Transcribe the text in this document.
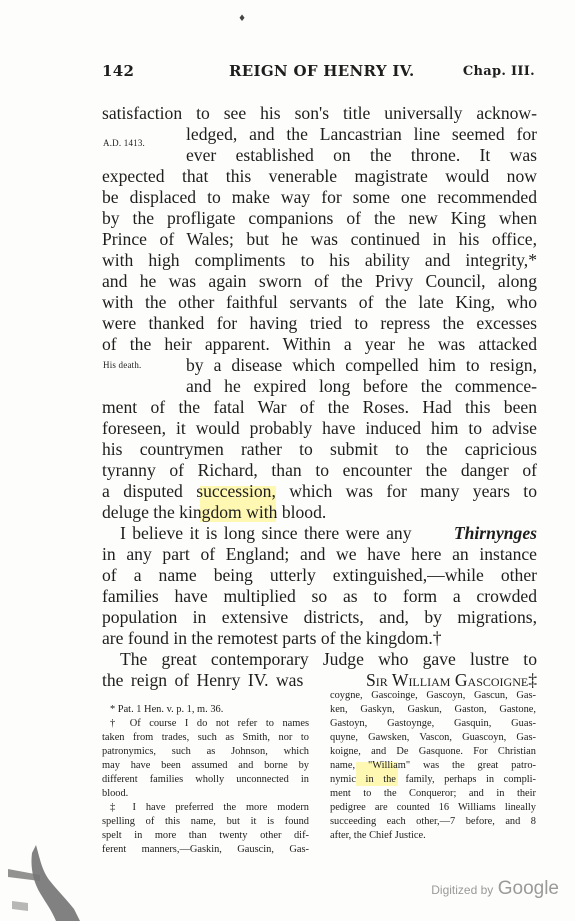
♦
142	REIGN OF HENRY IV.	Chap. III.
A.D. 1413.
His death.
satisfaction to see his son's title universally acknow-
ledged, and the Lancastrian line seemed for
ever established on the throne. It was
expected that this venerable magistrate would now
be displaced to make way for some one recommended
by the profligate companions of the new King when
Prince of Wales; but he was continued in his office,
with high compliments to his ability and integrity,*
and he was again sworn of the Privy Council, along
with the other faithful servants of the late King, who
were thanked for having tried to repress the excesses
of the heir apparent. Within a year he was attacked
by a disease which compelled him to resign,
and he expired long before the commence-
ment of the fatal War of the Roses. Had this been
foreseen, it would probably have induced him to advise
his countrymen rather to submit to the capricious
tyranny of Richard, than to encounter the danger of
a disputed succession, which was for many years to
deluge the kingdom with blood.
I believe it is long since there were any Thirnynges
in any part of England; and we have here an instance
of a name being utterly extinguished,—while other
families have multiplied so as to form a crowded
population in extensive districts, and, by migrations,
are found in the remotest parts of the kingdom.†
The great contemporary Judge who gave lustre to
the reign of Henry IV. was	Sir William Gascoigne‡
* Pat. 1 Hen. v. p. 1, m. 36.
† Of course I do not refer to names
taken from trades, such as Smith, nor to
patronymics, such as Johnson, which
may have been assumed and borne by
different families wholly unconnected in
blood.
‡ I have preferred the more modern
spelling of this name, but it is found
spelt in more than twenty other dif-
ferent manners,—Gaskin, Gauscin, Gas-
coygne, Gascoinge, Gascoyn, Gascun, Gas-
ken, Gaskyn, Gaskun, Gaston, Gastone,
Gastoyn, Gastoynge, Gasquin, Guas-
quyne, Gawsken, Vascon, Guascoyn, Gas-
koigne, and De Gasquone. For Christian
name, "William" was the great patro-
nymic in the family, perhaps in compli-
ment to the Conqueror; and in their
pedigree are counted 16 Williams lineally
succeeding each other,—7 before, and 8
after, the Chief Justice.
Digitized by Google
